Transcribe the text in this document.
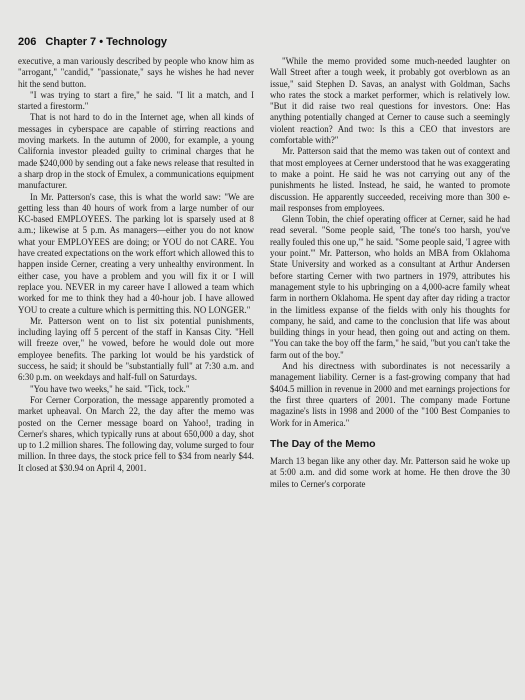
206 Chapter 7 • Technology

executive, a man variously described by people who know him as "arrogant," "candid," "passionate," says he wishes he had never hit the send button.

"I was trying to start a fire," he said. "I lit a match, and I started a firestorm."

That is not hard to do in the Internet age, when all kinds of messages in cyberspace are capable of stirring reactions and moving markets. In the autumn of 2000, for example, a young California investor pleaded guilty to criminal charges that he made $240,000 by sending out a fake news release that resulted in a sharp drop in the stock of Emulex, a communications equipment manufacturer.

In Mr. Patterson's case, this is what the world saw: "We are getting less than 40 hours of work from a large number of our KC-based EMPLOYEES. The parking lot is sparsely used at 8 a.m.; likewise at 5 p.m. As managers—either you do not know what your EMPLOYEES are doing; or YOU do not CARE. You have created expectations on the work effort which allowed this to happen inside Cerner, creating a very unhealthy environment. In either case, you have a problem and you will fix it or I will replace you. NEVER in my career have I allowed a team which worked for me to think they had a 40-hour job. I have allowed YOU to create a culture which is permitting this. NO LONGER."

Mr. Patterson went on to list six potential punishments, including laying off 5 percent of the staff in Kansas City. "Hell will freeze over," he vowed, before he would dole out more employee benefits. The parking lot would be his yardstick of success, he said; it should be "substantially full" at 7:30 a.m. and 6:30 p.m. on weekdays and half-full on Saturdays.

"You have two weeks," he said. "Tick, tock."

For Cerner Corporation, the message apparently promoted a market upheaval. On March 22, the day after the memo was posted on the Cerner message board on Yahoo!, trading in Cerner's shares, which typically runs at about 650,000 a day, shot up to 1.2 million shares. The following day, volume surged to four million. In three days, the stock price fell to $34 from nearly $44. It closed at $30.94 on April 4, 2001.

"While the memo provided some much-needed laughter on Wall Street after a tough week, it probably got overblown as an issue," said Stephen D. Savas, an analyst with Goldman, Sachs who rates the stock a market performer, which is relatively low. "But it did raise two real questions for investors. One: Has anything potentially changed at Cerner to cause such a seemingly violent reaction? And two: Is this a CEO that investors are comfortable with?"

Mr. Patterson said that the memo was taken out of context and that most employees at Cerner understood that he was exaggerating to make a point. He said he was not carrying out any of the punishments he listed. Instead, he said, he wanted to promote discussion. He apparently succeeded, receiving more than 300 e-mail responses from employees.

Glenn Tobin, the chief operating officer at Cerner, said he had read several. "Some people said, 'The tone's too harsh, you've really fouled this one up,'" he said. "Some people said, 'I agree with your point.'" Mr. Patterson, who holds an MBA from Oklahoma State University and worked as a consultant at Arthur Andersen before starting Cerner with two partners in 1979, attributes his management style to his upbringing on a 4,000-acre family wheat farm in northern Oklahoma. He spent day after day riding a tractor in the limitless expanse of the fields with only his thoughts for company, he said, and came to the conclusion that life was about building things in your head, then going out and acting on them. "You can take the boy off the farm," he said, "but you can't take the farm out of the boy."

And his directness with subordinates is not necessarily a management liability. Cerner is a fast-growing company that had $404.5 million in revenue in 2000 and met earnings projections for the first three quarters of 2001. The company made Fortune magazine's lists in 1998 and 2000 of the "100 Best Companies to Work for in America."

The Day of the Memo

March 13 began like any other day. Mr. Patterson said he woke up at 5:00 a.m. and did some work at home. He then drove the 30 miles to Cerner's corporate
